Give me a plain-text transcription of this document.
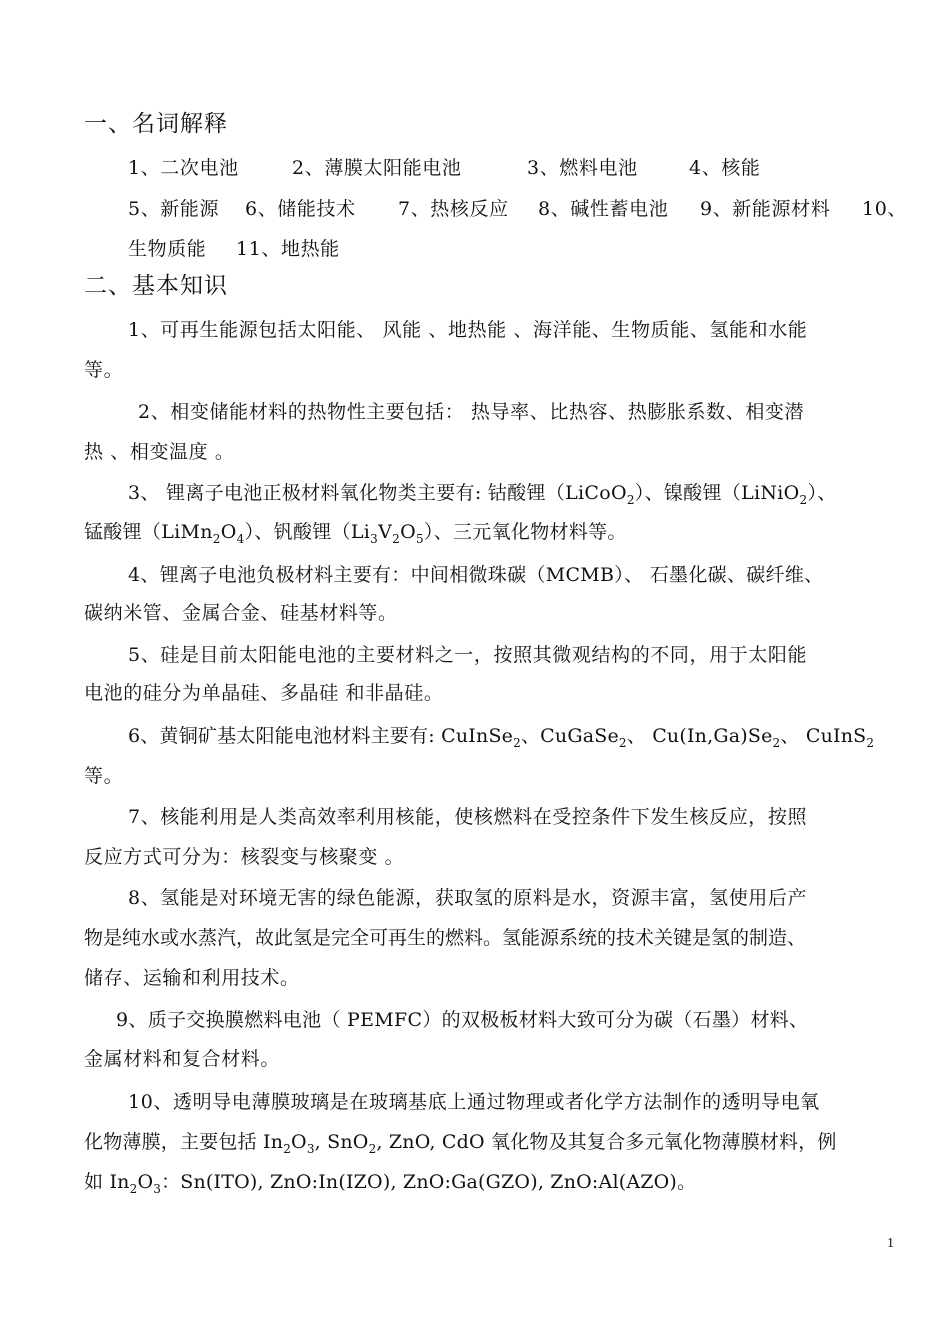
一、名词解释
1、二次电池	2、薄膜太阳能电池	3、燃料电池	4、核能
5、新能源 6、储能技术 7、热核反应 8、碱性蓄电池 9、新能源材料 10、
生物质能 11、地热能
二、基本知识
1、可再生能源包括太阳能、 风能 、地热能 、海洋能、生物质能、氢能和水能
等。
2、相变储能材料的热物性主要包括： 热导率、比热容、热膨胀系数、相变潜
热 、相变温度 。
3、 锂离子电池正极材料氧化物类主要有: 钴酸锂（LiCoO$_2$）、镍酸锂（LiNiO$_2$）、
锰酸锂$(LiMn_2O_4)$、钒酸锂$(Li_3V_2O_5)$、三元氧化物材料等。
4、锂离子电池负极材料主要有：中间相微珠碳（MCMB）、 石墨化碳、碳纤维、
碳纳米管、金属合金、硅基材料等。
5、硅是目前太阳能电池的主要材料之一，按照其微观结构的不同，用于太阳能
电池的硅分为单晶硅、多晶硅 和非晶硅。
6、黄铜矿基太阳能电池材料主要有: CuInSe$_2$、CuGaSe$_2$、 $Cu(In,Ga)Se_2$、 CuInS$_2$
等。
7、核能利用是人类高效率利用核能，使核燃料在受控条件下发生核反应，按照
反应方式可分为：核裂变与核聚变 。
8、氢能是对环境无害的绿色能源，获取氢的原料是水，资源丰富，氢使用后产
物是纯水或水蒸汽，故此氢是完全可再生的燃料。氢能源系统的技术关键是氢的制造、
储存、运输和利用技术。
9、质子交换膜燃料电池（ PEMFC）的双极板材料大致可分为碳（石墨）材料、
金属材料和复合材料。
10、透明导电薄膜玻璃是在玻璃基底上通过物理或者化学方法制作的透明导电氧
化物薄膜，主要包括 $In_2O_3$, SnO$_2$, ZnO, CdO 氧化物及其复合多元氧化物薄膜材料，例
如 $In_2O_3$：Sn(ITO), ZnO:In(IZO), ZnO:Ga(GZO), ZnO:Al(AZO)。
1
